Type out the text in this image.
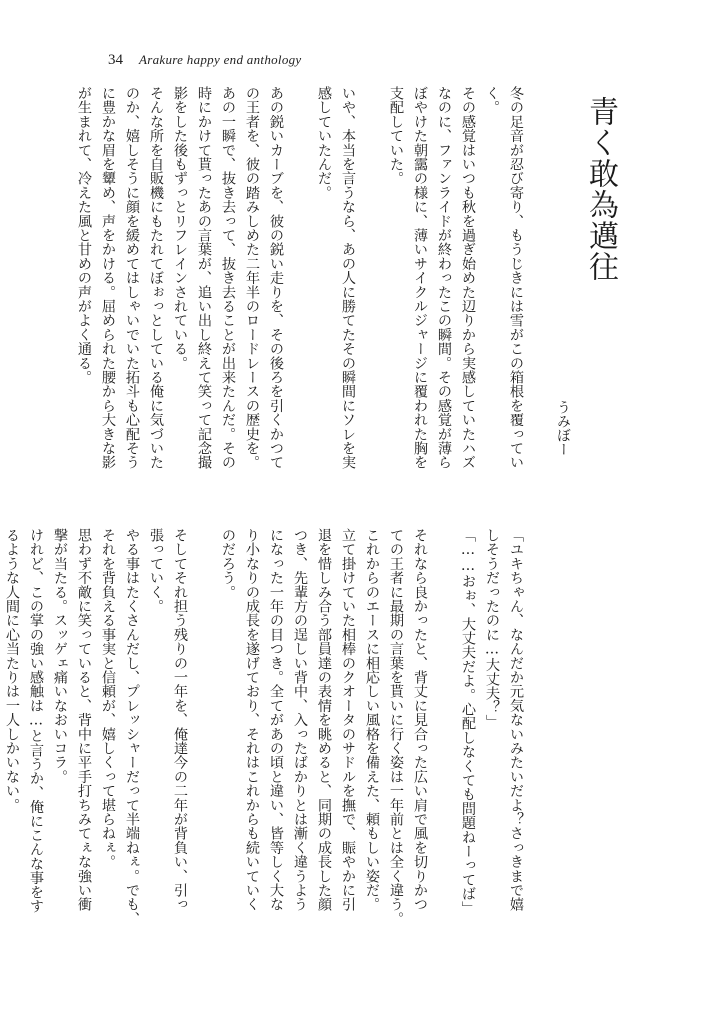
34 Arakure happy end anthology
青く敢為邁往
うみぼー

冬の足音が忍び寄り、もうじきには雪がこの箱根を覆ってい

く。

その感覚はいつも秋を過ぎ始めた辺りから実感していたハズ

なのに、ファンライドが終わったこの瞬間。その感覚が薄ら

ぼやけた朝靄の様に、薄いサイクルジャージに覆われた胸を

支配していた。

いや、本当を言うなら、あの人に勝てたその瞬間にソレを実

感していたんだ。

あの鋭いカーブを、彼の鋭い走りを、その後ろを引くかつて

の王者を、彼の踏みしめた二年半のロードレースの歴史を。

あの一瞬で、抜き去って、抜き去ることが出来たんだ。その

時にかけて貰ったあの言葉が、追い出し終えて笑って記念撮

影をした後もずっとリフレインされている。

そんな所を自販機にもたれてぼぉっとしている俺に気づいた

のか、嬉しそうに顔を緩めてはしゃいでいた拓斗も心配そう

に豊かな眉を顰め、声をかける。屈められた腰から大きな影

が生まれて、冷えた風と甘めの声がよく通る。

「ユキちゃん、なんだか元気ないみたいだよ？さっきまで嬉

しそうだったのに…大丈夫？」

「……おぉ、大丈夫だよ。心配しなくても問題ねーってば」

それなら良かったと、背丈に見合った広い肩で風を切りかつ

ての王者に最期の言葉を貰いに行く姿は一年前とは全く違う。

これからのエースに相応しい風格を備えた、頼もしい姿だ。

立て掛けていた相棒のクオータのサドルを撫で、賑やかに引

退を惜しみ合う部員達の表情を眺めると、同期の成長した顔

つき、先輩方の逞しい背中、入ったばかりとは漸く違うよう

になった一年の目つき。全てがあの頃と違い、皆等しく大な

り小なりの成長を遂げており、それはこれからも続いていく

のだろう。

そしてそれ担う残りの一年を、俺達今の二年が背負い、引っ

張っていく。

やる事はたくさんだし、プレッシャーだって半端ねぇ。でも、

それを背負える事実と信頼が、嬉しくって堪らねぇ。

思わず不敵に笑っていると、背中に平手打ちみてぇな強い衝

撃が当たる。スッゲェ痛いなおいコラ。

けれど、この掌の強い感触は…と言うか、俺にこんな事をす

るような人間に心当たりは一人しかいない。
